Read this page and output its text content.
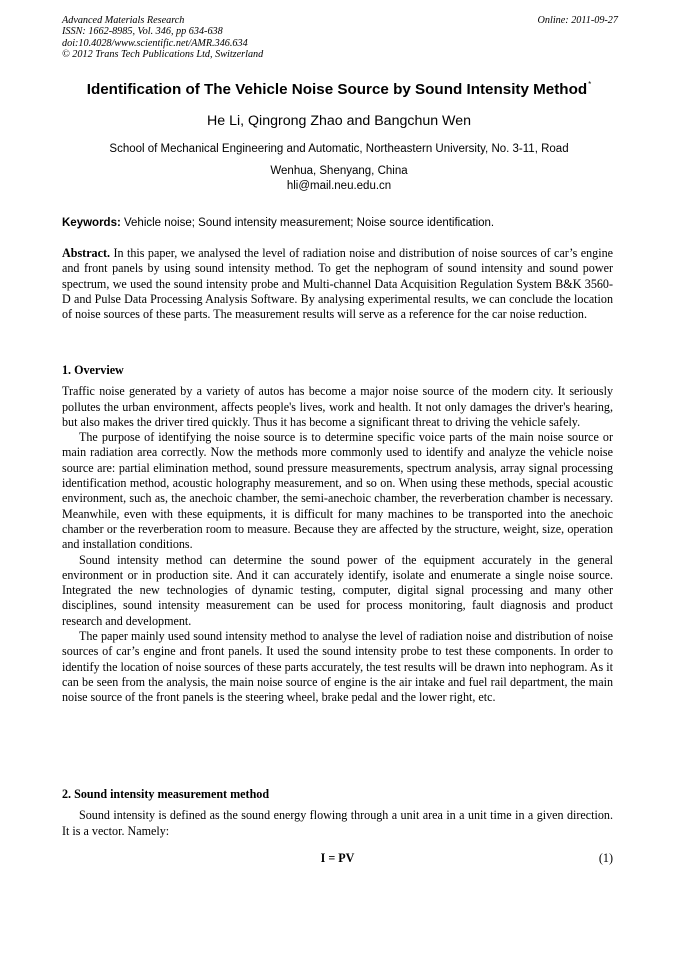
Advanced Materials Research
ISSN: 1662-8985, Vol. 346, pp 634-638
doi:10.4028/www.scientific.net/AMR.346.634
© 2012 Trans Tech Publications Ltd, Switzerland
Online: 2011-09-27
Identification of The Vehicle Noise Source by Sound Intensity Method*
He Li, Qingrong Zhao and Bangchun Wen
School of Mechanical Engineering and Automatic, Northeastern University, No. 3-11, Road
Wenhua, Shenyang, China
hli@mail.neu.edu.cn
Keywords: Vehicle noise; Sound intensity measurement; Noise source identification.

Abstract. In this paper, we analysed the level of radiation noise and distribution of noise sources of car’s engine and front panels by using sound intensity method. To get the nephogram of sound intensity and sound power spectrum, we used the sound intensity probe and Multi-channel Data Acquisition Regulation System B&K 3560-D and Pulse Data Processing Analysis Software. By analysing experimental results, we can conclude the location of noise sources of these parts. The measurement results will serve as a reference for the car noise reduction.

1. Overview

Traffic noise generated by a variety of autos has become a major noise source of the modern city. It seriously pollutes the urban environment, affects people's lives, work and health. It not only damages the driver's hearing, but also makes the driver tired quickly. Thus it has become a significant threat to driving the vehicle safely.

The purpose of identifying the noise source is to determine specific voice parts of the main noise source or main radiation area correctly. Now the methods more commonly used to identify and analyze the vehicle noise source are: partial elimination method, sound pressure measurements, spectrum analysis, array signal processing identification method, acoustic holography measurement, and so on. When using these methods, special acoustic environment, such as, the anechoic chamber, the semi-anechoic chamber, the reverberation chamber is necessary. Meanwhile, even with these equipments, it is difficult for many machines to be transported into the anechoic chamber or the reverberation room to measure. Because they are affected by the structure, weight, size, operation and installation conditions.

Sound intensity method can determine the sound power of the equipment accurately in the general environment or in production site. And it can accurately identify, isolate and enumerate a single noise source. Integrated the new technologies of dynamic testing, computer, digital signal processing and many other disciplines, sound intensity measurement can be used for process monitoring, fault diagnosis and product research and development.

The paper mainly used sound intensity method to analyse the level of radiation noise and distribution of noise sources of car’s engine and front panels. It used the sound intensity probe to test these components. In order to identify the location of noise sources of these parts accurately, the test results will be drawn into nephogram. As it can be seen from the analysis, the main noise source of engine is the air intake and fuel rail department, the main noise source of the front panels is the steering wheel, brake pedal and the lower right, etc.

2. Sound intensity measurement method

Sound intensity is defined as the sound energy flowing through a unit area in a unit time in a given direction. It is a vector. Namely:

I = PV	(1)
